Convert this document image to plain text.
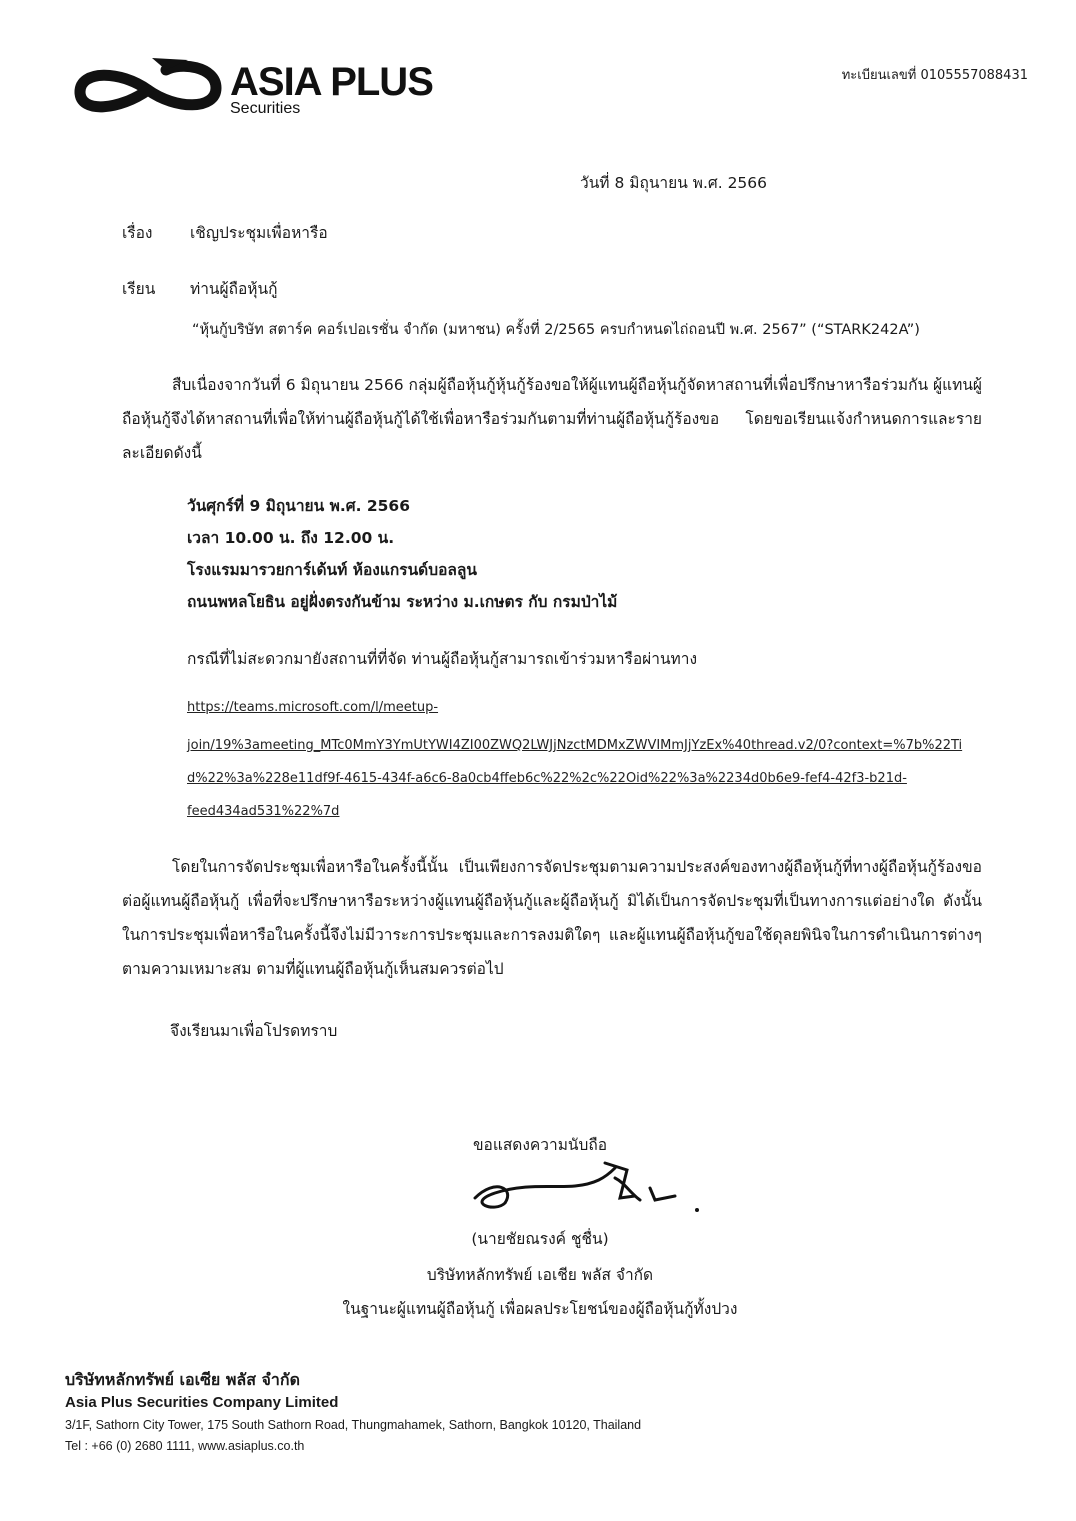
ASIA PLUS
Securities
ทะเบียนเลขที่ 0105557088431
วันที่ 8 มิถุนายน พ.ศ. 2566
เรื่อง เชิญประชุมเพื่อหารือ
เรียน ท่านผู้ถือหุ้นกู้
“หุ้นกู้บริษัท สตาร์ค คอร์เปอเรชั่น จำกัด (มหาชน) ครั้งที่ 2/2565 ครบกำหนดไถ่ถอนปี พ.ศ. 2567” (“STARK242A”)
สืบเนื่องจากวันที่ 6 มิถุนายน 2566 กลุ่มผู้ถือหุ้นกู้หุ้นกู้ร้องขอให้ผู้แทนผู้ถือหุ้นกู้จัดหาสถานที่เพื่อปรึกษาหารือร่วมกัน ผู้แทนผู้ถือหุ้นกู้จึงได้หาสถานที่เพื่อให้ท่านผู้ถือหุ้นกู้ได้ใช้เพื่อหารือร่วมกันตามที่ท่านผู้ถือหุ้นกู้ร้องขอ โดยขอเรียนแจ้งกำหนดการและรายละเอียดดังนี้
วันศุกร์ที่ 9 มิถุนายน พ.ศ. 2566
เวลา 10.00 น. ถึง 12.00 น.
โรงแรมมารวยการ์เด้นท์ ห้องแกรนด์บอลลูน
ถนนพหลโยธิน อยู่ฝั่งตรงกันข้าม ระหว่าง ม.เกษตร กับ กรมป่าไม้
กรณีที่ไม่สะดวกมายังสถานที่ที่จัด ท่านผู้ถือหุ้นกู้สามารถเข้าร่วมหารือผ่านทาง
https://teams.microsoft.com/l/meetup-
join/19%3ameeting_MTc0MmY3YmUtYWI4ZI00ZWQ2LWJjNzctMDMxZWVIMmJjYzEx%40thread.v2/0?context=%7b%22Ti
d%22%3a%228e11df9f-4615-434f-a6c6-8a0cb4ffeb6c%22%2c%22Oid%22%3a%2234d0b6e9-fef4-42f3-b21d-
feed434ad531%22%7d
โดยในการจัดประชุมเพื่อหารือในครั้งนี้นั้น เป็นเพียงการจัดประชุมตามความประสงค์ของทางผู้ถือหุ้นกู้ที่ทางผู้ถือหุ้นกู้ร้องขอต่อผู้แทนผู้ถือหุ้นกู้ เพื่อที่จะปรึกษาหารือระหว่างผู้แทนผู้ถือหุ้นกู้และผู้ถือหุ้นกู้ มิได้เป็นการจัดประชุมที่เป็นทางการแต่อย่างใด ดังนั้นในการประชุมเพื่อหารือในครั้งนี้จึงไม่มีวาระการประชุมและการลงมติใดๆ และผู้แทนผู้ถือหุ้นกู้ขอใช้ดุลยพินิจในการดำเนินการต่างๆตามความเหมาะสม ตามที่ผู้แทนผู้ถือหุ้นกู้เห็นสมควรต่อไป
จึงเรียนมาเพื่อโปรดทราบ
ขอแสดงความนับถือ
(นายชัยณรงค์ ชูชื่น)
บริษัทหลักทรัพย์ เอเชีย พลัส จำกัด
ในฐานะผู้แทนผู้ถือหุ้นกู้ เพื่อผลประโยชน์ของผู้ถือหุ้นกู้ทั้งปวง
บริษัทหลักทรัพย์ เอเซีย พลัส จำกัด
Asia Plus Securities Company Limited
3/1F, Sathorn City Tower, 175 South Sathorn Road, Thungmahamek, Sathorn, Bangkok 10120, Thailand
Tel : +66 (0) 2680 1111, www.asiaplus.co.th
